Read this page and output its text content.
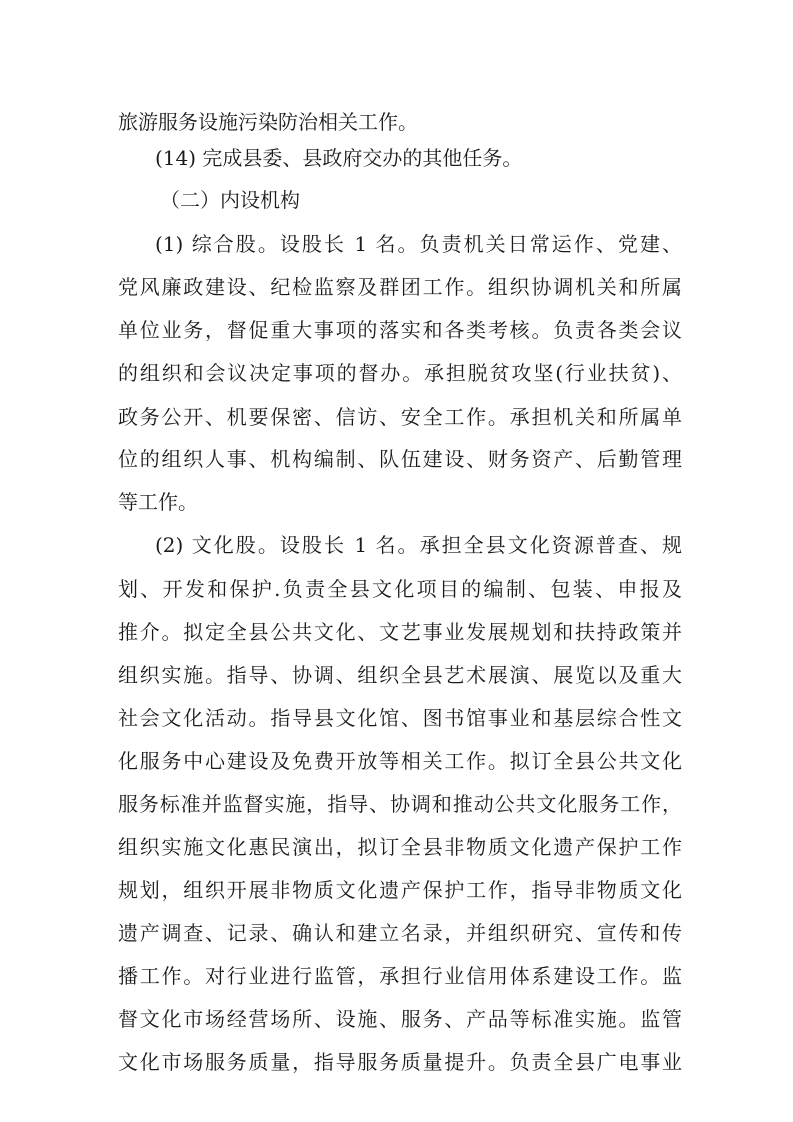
旅游服务设施污染防治相关工作。
(14) 完成县委、县政府交办的其他任务。
（二）内设机构
(1) 综合股。设股长 1 名。负责机关日常运作、党建、
党风廉政建设、纪检监察及群团工作。组织协调机关和所属
单位业务，督促重大事项的落实和各类考核。负责各类会议
的组织和会议决定事项的督办。承担脱贫攻坚(行业扶贫)、
政务公开、机要保密、信访、安全工作。承担机关和所属单
位的组织人事、机构编制、队伍建设、财务资产、后勤管理
等工作。
(2) 文化股。设股长 1 名。承担全县文化资源普查、规
划、开发和保护.负责全县文化项目的编制、包装、申报及
推介。拟定全县公共文化、文艺事业发展规划和扶持政策并
组织实施。指导、协调、组织全县艺术展演、展览以及重大
社会文化活动。指导县文化馆、图书馆事业和基层综合性文
化服务中心建设及免费开放等相关工作。拟订全县公共文化
服务标准并监督实施，指导、协调和推动公共文化服务工作，
组织实施文化惠民演出，拟订全县非物质文化遗产保护工作
规划，组织开展非物质文化遗产保护工作，指导非物质文化
遗产调查、记录、确认和建立名录，并组织研究、宣传和传
播工作。对行业进行监管，承担行业信用体系建设工作。监
督文化市场经营场所、设施、服务、产品等标准实施。监管
文化市场服务质量，指导服务质量提升。负责全县广电事业
